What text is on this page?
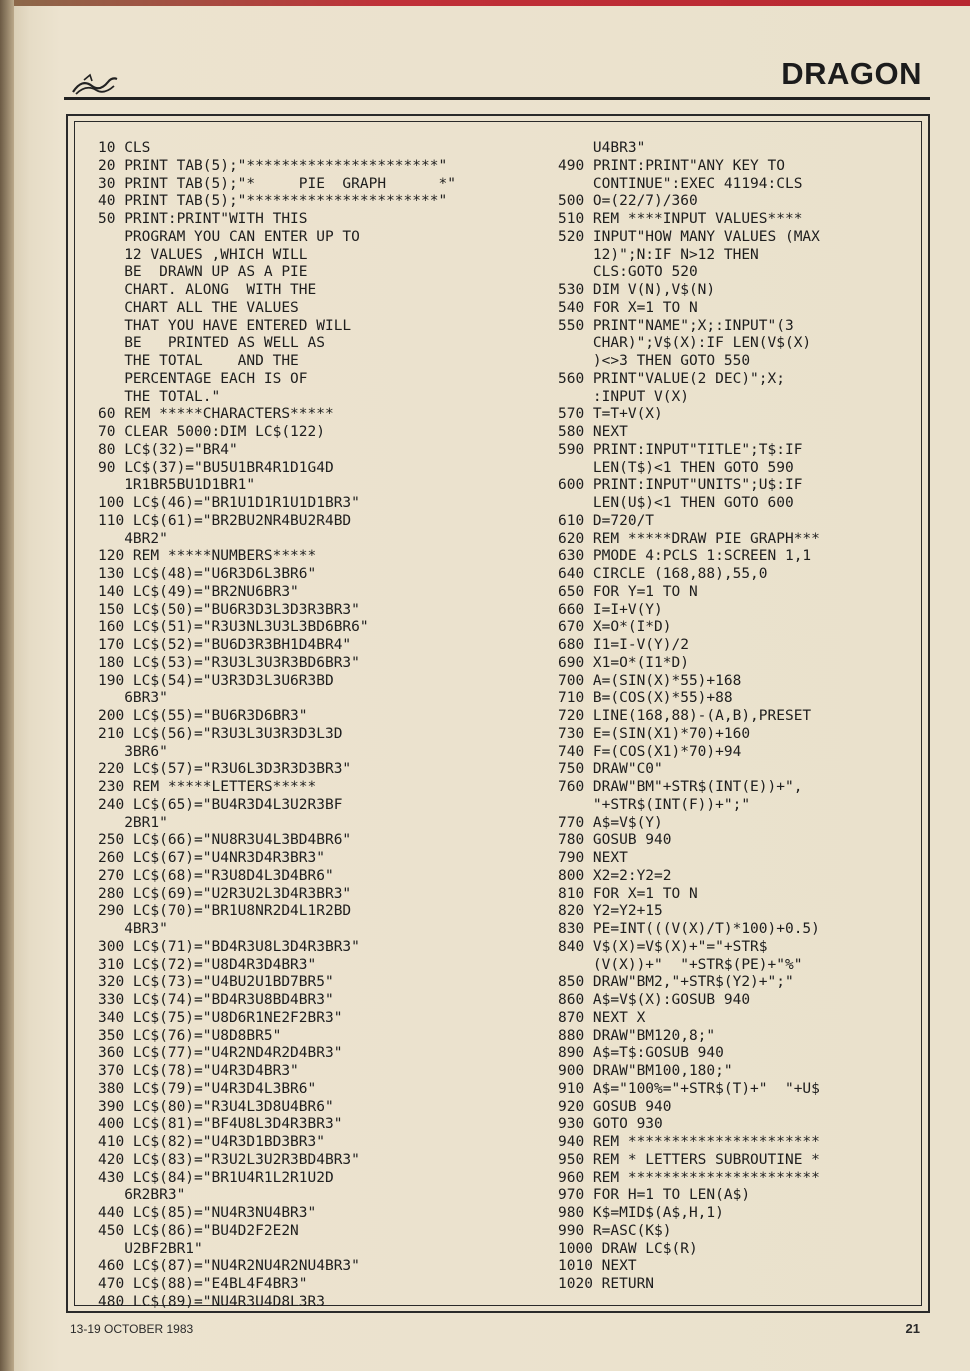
DRAGON
10 CLS
20 PRINT TAB(5);"**********************"
30 PRINT TAB(5);"*     PIE  GRAPH      *"
40 PRINT TAB(5);"**********************"
50 PRINT:PRINT"WITH THIS
PROGRAM YOU CAN ENTER UP TO
12 VALUES ,WHICH WILL
BE  DRAWN UP AS A PIE
CHART. ALONG  WITH THE
CHART ALL THE VALUES
THAT YOU HAVE ENTERED WILL
BE   PRINTED AS WELL AS
THE TOTAL    AND THE
PERCENTAGE EACH IS OF
THE TOTAL."
60 REM *****CHARACTERS*****
70 CLEAR 5000:DIM LC$(122)
80 LC$(32)="BR4"
90 LC$(37)="BU5U1BR4R1D1G4D
1R1BR5BU1D1BR1"
100 LC$(46)="BR1U1D1R1U1D1BR3"
110 LC$(61)="BR2BU2NR4BU2R4BD
4BR2"
120 REM *****NUMBERS*****
130 LC$(48)="U6R3D6L3BR6"
140 LC$(49)="BR2NU6BR3"
150 LC$(50)="BU6R3D3L3D3R3BR3"
160 LC$(51)="R3U3NL3U3L3BD6BR6"
170 LC$(52)="BU6D3R3BH1D4BR4"
180 LC$(53)="R3U3L3U3R3BD6BR3"
190 LC$(54)="U3R3D3L3U6R3BD
6BR3"
200 LC$(55)="BU6R3D6BR3"
210 LC$(56)="R3U3L3U3R3D3L3D
3BR6"
220 LC$(57)="R3U6L3D3R3D3BR3"
230 REM *****LETTERS*****
240 LC$(65)="BU4R3D4L3U2R3BF
2BR1"
250 LC$(66)="NU8R3U4L3BD4BR6"
260 LC$(67)="U4NR3D4R3BR3"
270 LC$(68)="R3U8D4L3D4BR6"
280 LC$(69)="U2R3U2L3D4R3BR3"
290 LC$(70)="BR1U8NR2D4L1R2BD
4BR3"
300 LC$(71)="BD4R3U8L3D4R3BR3"
310 LC$(72)="U8D4R3D4BR3"
320 LC$(73)="U4BU2U1BD7BR5"
330 LC$(74)="BD4R3U8BD4BR3"
340 LC$(75)="U8D6R1NE2F2BR3"
350 LC$(76)="U8D8BR5"
360 LC$(77)="U4R2ND4R2D4BR3"
370 LC$(78)="U4R3D4BR3"
380 LC$(79)="U4R3D4L3BR6"
390 LC$(80)="R3U4L3D8U4BR6"
400 LC$(81)="BF4U8L3D4R3BR3"
410 LC$(82)="U4R3D1BD3BR3"
420 LC$(83)="R3U2L3U2R3BD4BR3"
430 LC$(84)="BR1U4R1L2R1U2D
6R2BR3"
440 LC$(85)="NU4R3NU4BR3"
450 LC$(86)="BU4D2F2E2N
U2BF2BR1"
460 LC$(87)="NU4R2NU4R2NU4BR3"
470 LC$(88)="E4BL4F4BR3"
480 LC$(89)="NU4R3U4D8L3R3
U4BR3"
490 PRINT:PRINT"ANY KEY TO
CONTINUE":EXEC 41194:CLS
500 O=(22/7)/360
510 REM ****INPUT VALUES****
520 INPUT"HOW MANY VALUES (MAX
12)";N:IF N>12 THEN
CLS:GOTO 520
530 DIM V(N),V$(N)
540 FOR X=1 TO N
550 PRINT"NAME";X;:INPUT"(3
CHAR)";V$(X):IF LEN(V$(X)
)<>3 THEN GOTO 550
560 PRINT"VALUE(2 DEC)";X;
:INPUT V(X)
570 T=T+V(X)
580 NEXT
590 PRINT:INPUT"TITLE";T$:IF
LEN(T$)<1 THEN GOTO 590
600 PRINT:INPUT"UNITS";U$:IF
LEN(U$)<1 THEN GOTO 600
610 D=720/T
620 REM *****DRAW PIE GRAPH***
630 PMODE 4:PCLS 1:SCREEN 1,1
640 CIRCLE (168,88),55,0
650 FOR Y=1 TO N
660 I=I+V(Y)
670 X=O*(I*D)
680 I1=I-V(Y)/2
690 X1=O*(I1*D)
700 A=(SIN(X)*55)+168
710 B=(COS(X)*55)+88
720 LINE(168,88)-(A,B),PRESET
730 E=(SIN(X1)*70)+160
740 F=(COS(X1)*70)+94
750 DRAW"C0"
760 DRAW"BM"+STR$(INT(E))+",
"+STR$(INT(F))+";"
770 A$=V$(Y)
780 GOSUB 940
790 NEXT
800 X2=2:Y2=2
810 FOR X=1 TO N
820 Y2=Y2+15
830 PE=INT(((V(X)/T)*100)+0.5)
840 V$(X)=V$(X)+"="+STR$
(V(X))+"  "+STR$(PE)+"%"
850 DRAW"BM2,"+STR$(Y2)+";"
860 A$=V$(X):GOSUB 940
870 NEXT X
880 DRAW"BM120,8;"
890 A$=T$:GOSUB 940
900 DRAW"BM100,180;"
910 A$="100%="+STR$(T)+"  "+U$
920 GOSUB 940
930 GOTO 930
940 REM **********************
950 REM * LETTERS SUBROUTINE *
960 REM **********************
970 FOR H=1 TO LEN(A$)
980 K$=MID$(A$,H,1)
990 R=ASC(K$)
1000 DRAW LC$(R)
1010 NEXT
1020 RETURN
13-19 OCTOBER 1983	21
